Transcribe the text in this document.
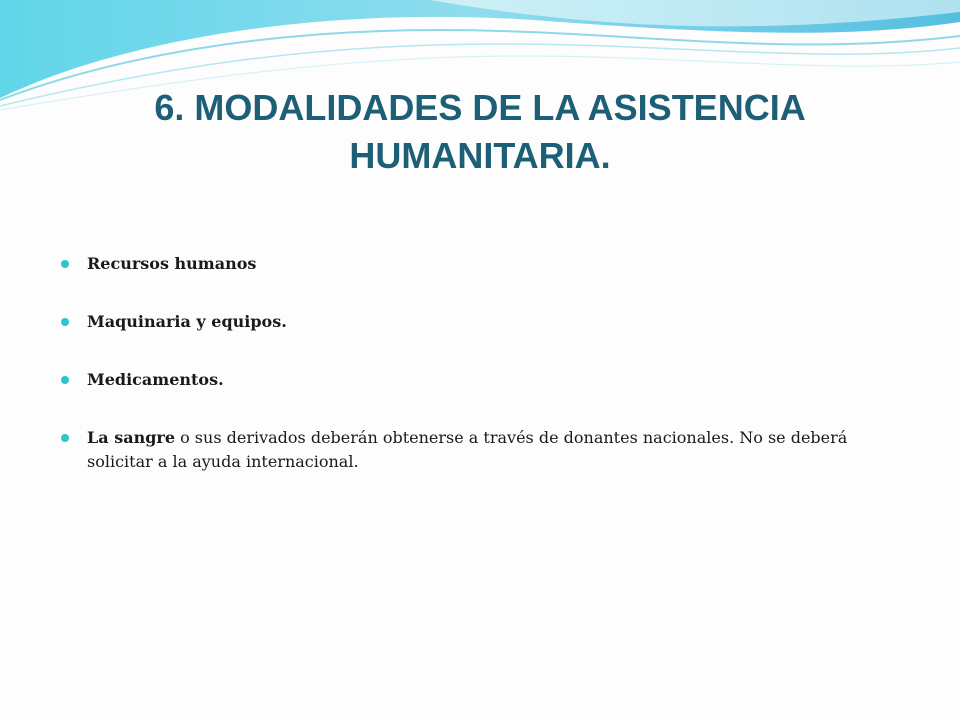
6. MODALIDADES DE LA ASISTENCIA
HUMANITARIA.
Recursos humanos
Maquinaria y equipos.
Medicamentos.
La sangre o sus derivados deberán obtenerse a través de donantes nacionales. No se deberá solicitar a la ayuda internacional.
